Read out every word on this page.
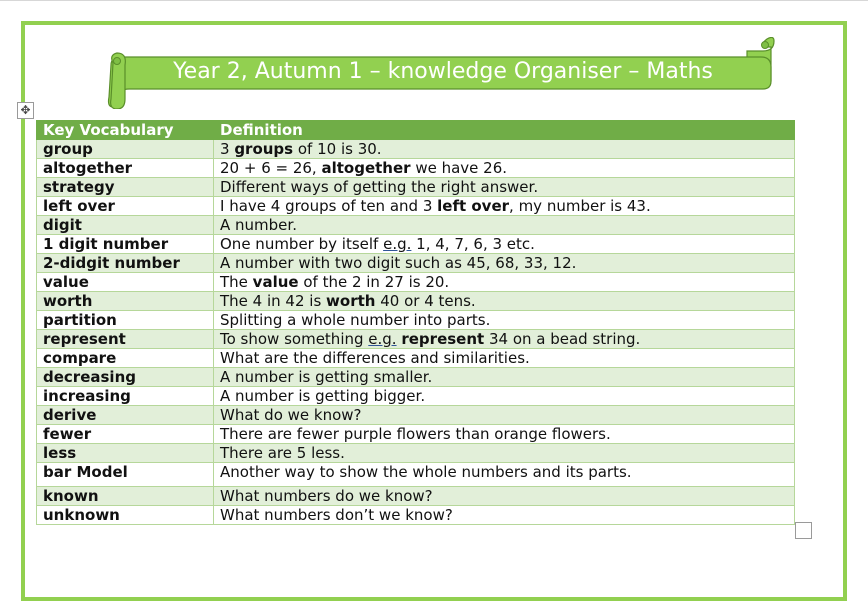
Year 2, Autumn 1 – knowledge Organiser – Maths
✥
Key Vocabulary	Definition
group	3 groups of 10 is 30.
altogether	20 + 6 = 26, altogether we have 26.
strategy	Different ways of getting the right answer.
left over	I have 4 groups of ten and 3 left over, my number is 43.
digit	A number.
1 digit number	One number by itself e.g. 1, 4, 7, 6, 3 etc.
2-didgit number	A number with two digit such as 45, 68, 33, 12.
value	The value of the 2 in 27 is 20.
worth	The 4 in 42 is worth 40 or 4 tens.
partition	Splitting a whole number into parts.
represent	To show something e.g. represent 34 on a bead string.
compare	What are the differences and similarities.
decreasing	A number is getting smaller.
increasing	A number is getting bigger.
derive	What do we know?
fewer	There are fewer purple flowers than orange flowers.
less	There are 5 less.
bar Model	Another way to show the whole numbers and its parts.
known	What numbers do we know?
unknown	What numbers don’t we know?
